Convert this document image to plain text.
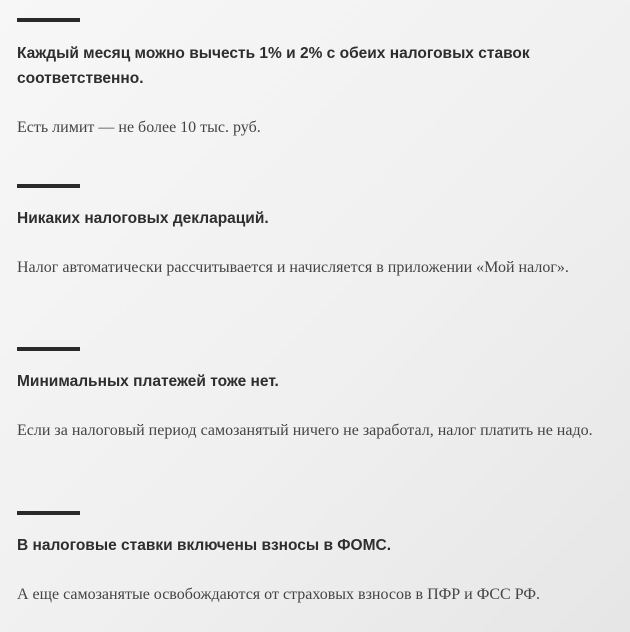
Каждый месяц можно вычесть 1% и 2% с обеих налоговых ставок соответственно.

Есть лимит — не более 10 тыс. руб.

Никаких налоговых деклараций.

Налог автоматически рассчитывается и начисляется в приложении «Мой налог».

Минимальных платежей тоже нет.

Если за налоговый период самозанятый ничего не заработал, налог платить не надо.

В налоговые ставки включены взносы в ФОМС.

А еще самозанятые освобождаются от страховых взносов в ПФР и ФСС РФ.
